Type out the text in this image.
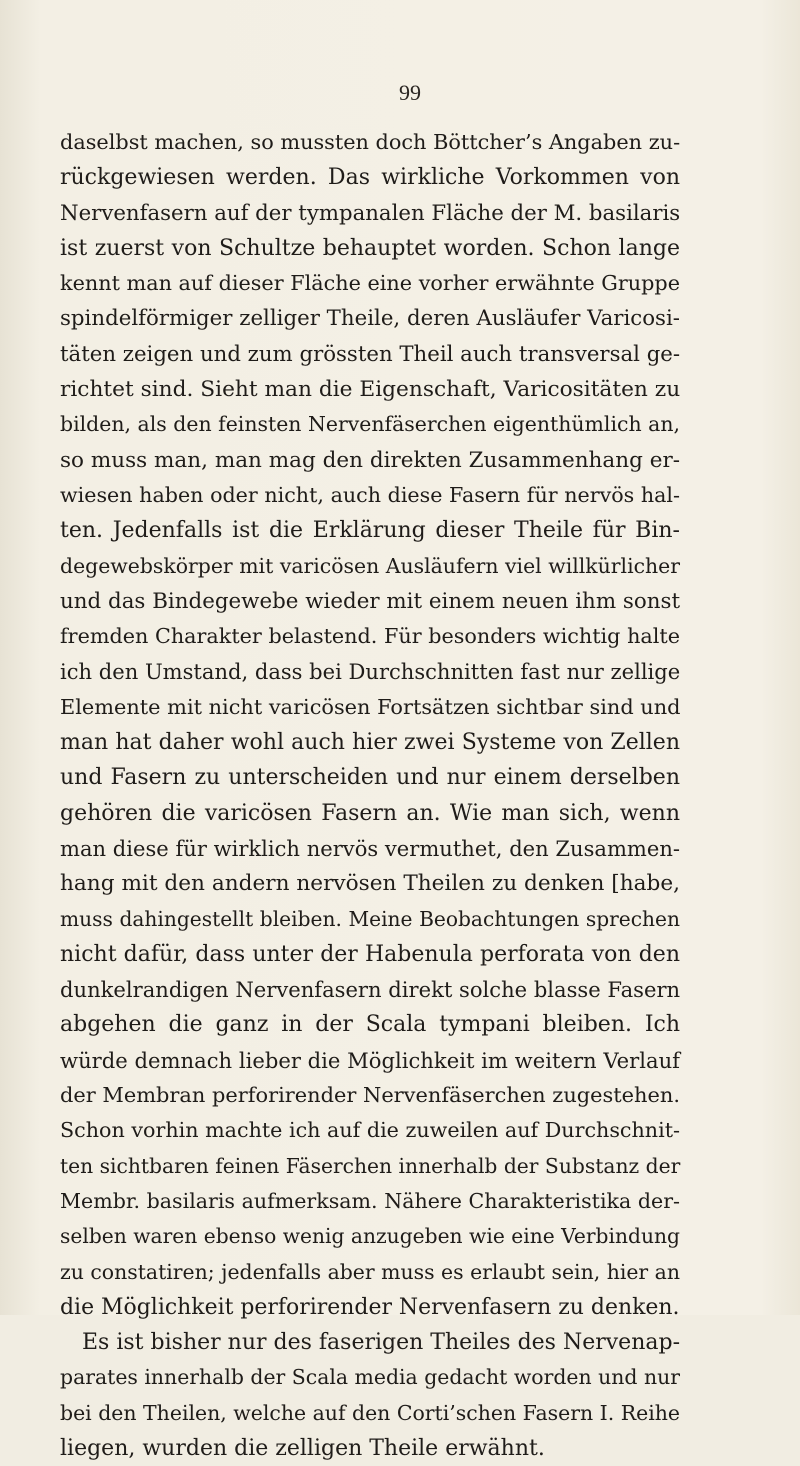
99
daselbst machen, so mussten doch Böttcher’s Angaben zu-
rückgewiesen werden. Das wirkliche Vorkommen von
Nervenfasern auf der tympanalen Fläche der M. basilaris
ist zuerst von Schultze behauptet worden. Schon lange
kennt man auf dieser Fläche eine vorher erwähnte Gruppe
spindelförmiger zelliger Theile, deren Ausläufer Varicosi-
täten zeigen und zum grössten Theil auch transversal ge-
richtet sind. Sieht man die Eigenschaft, Varicositäten zu
bilden, als den feinsten Nervenfäserchen eigenthümlich an,
so muss man, man mag den direkten Zusammenhang er-
wiesen haben oder nicht, auch diese Fasern für nervös hal-
ten. Jedenfalls ist die Erklärung dieser Theile für Bin-
degewebskörper mit varicösen Ausläufern viel willkürlicher
und das Bindegewebe wieder mit einem neuen ihm sonst
fremden Charakter belastend. Für besonders wichtig halte
ich den Umstand, dass bei Durchschnitten fast nur zellige
Elemente mit nicht varicösen Fortsätzen sichtbar sind und
man hat daher wohl auch hier zwei Systeme von Zellen
und Fasern zu unterscheiden und nur einem derselben
gehören die varicösen Fasern an. Wie man sich, wenn
man diese für wirklich nervös vermuthet, den Zusammen-
hang mit den andern nervösen Theilen zu denken [habe,
muss dahingestellt bleiben. Meine Beobachtungen sprechen
nicht dafür, dass unter der Habenula perforata von den
dunkelrandigen Nervenfasern direkt solche blasse Fasern
abgehen die ganz in der Scala tympani bleiben. Ich
würde demnach lieber die Möglichkeit im weitern Verlauf
der Membran perforirender Nervenfäserchen zugestehen.
Schon vorhin machte ich auf die zuweilen auf Durchschnit-
ten sichtbaren feinen Fäserchen innerhalb der Substanz der
Membr. basilaris aufmerksam. Nähere Charakteristika der-
selben waren ebenso wenig anzugeben wie eine Verbindung
zu constatiren; jedenfalls aber muss es erlaubt sein, hier an
die Möglichkeit perforirender Nervenfasern zu denken.
Es ist bisher nur des faserigen Theiles des Nervenap-
parates innerhalb der Scala media gedacht worden und nur
bei den Theilen, welche auf den Corti’schen Fasern I. Reihe
liegen, wurden die zelligen Theile erwähnt.
